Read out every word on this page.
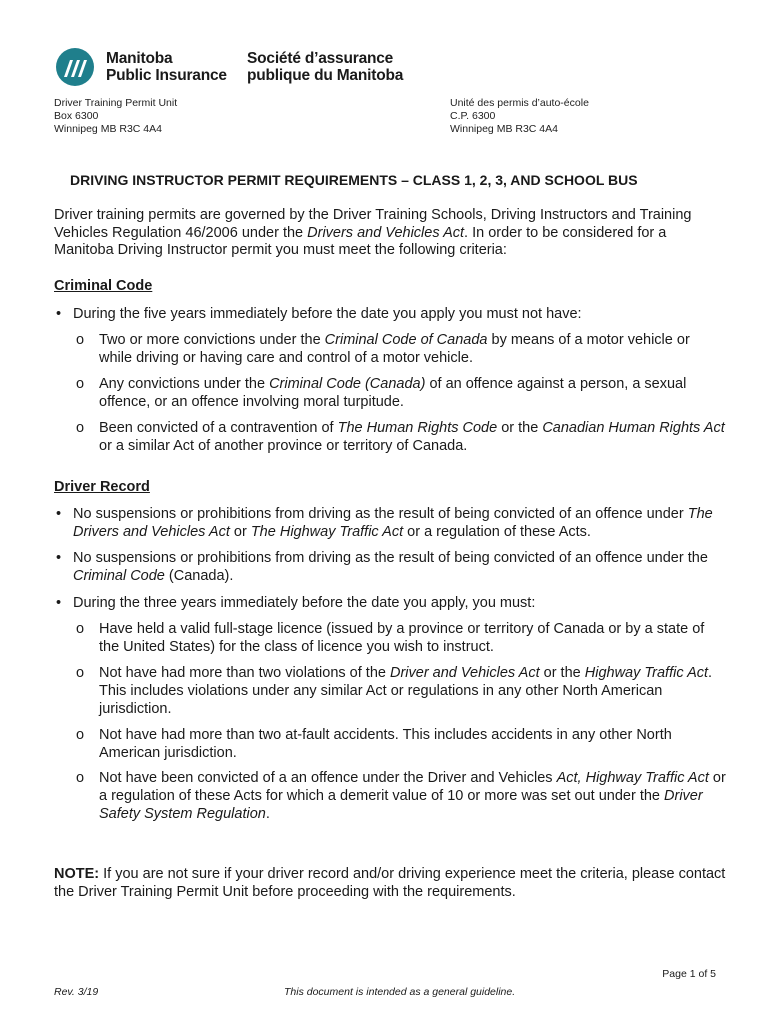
Manitoba
Public Insurance
Société d’assurance
publique du Manitoba
Driver Training Permit Unit
Box 6300
Winnipeg MB R3C 4A4
Unité des permis d’auto-école
C.P. 6300
Winnipeg MB R3C 4A4
DRIVING INSTRUCTOR PERMIT REQUIREMENTS – CLASS 1, 2, 3, AND SCHOOL BUS
Driver training permits are governed by the Driver Training Schools, Driving Instructors and Training Vehicles Regulation 46/2006 under the Drivers and Vehicles Act. In order to be considered for a Manitoba Driving Instructor permit you must meet the following criteria:
Criminal Code
• During the five years immediately before the date you apply you must not have:
o Two or more convictions under the Criminal Code of Canada by means of a motor vehicle or while driving or having care and control of a motor vehicle.
o Any convictions under the Criminal Code (Canada) of an offence against a person, a sexual offence, or an offence involving moral turpitude.
o Been convicted of a contravention of The Human Rights Code or the Canadian Human Rights Act or a similar Act of another province or territory of Canada.
Driver Record
• No suspensions or prohibitions from driving as the result of being convicted of an offence under The Drivers and Vehicles Act or The Highway Traffic Act or a regulation of these Acts.
• No suspensions or prohibitions from driving as the result of being convicted of an offence under the Criminal Code (Canada).
• During the three years immediately before the date you apply, you must:
o Have held a valid full-stage licence (issued by a province or territory of Canada or by a state of the United States) for the class of licence you wish to instruct.
o Not have had more than two violations of the Driver and Vehicles Act or the Highway Traffic Act. This includes violations under any similar Act or regulations in any other North American jurisdiction.
o Not have had more than two at-fault accidents. This includes accidents in any other North American jurisdiction.
o Not have been convicted of a an offence under the Driver and Vehicles Act, Highway Traffic Act or a regulation of these Acts for which a demerit value of 10 or more was set out under the Driver Safety System Regulation.
NOTE: If you are not sure if your driver record and/or driving experience meet the criteria, please contact the Driver Training Permit Unit before proceeding with the requirements.
Page 1 of 5
Rev. 3/19	This document is intended as a general guideline.
